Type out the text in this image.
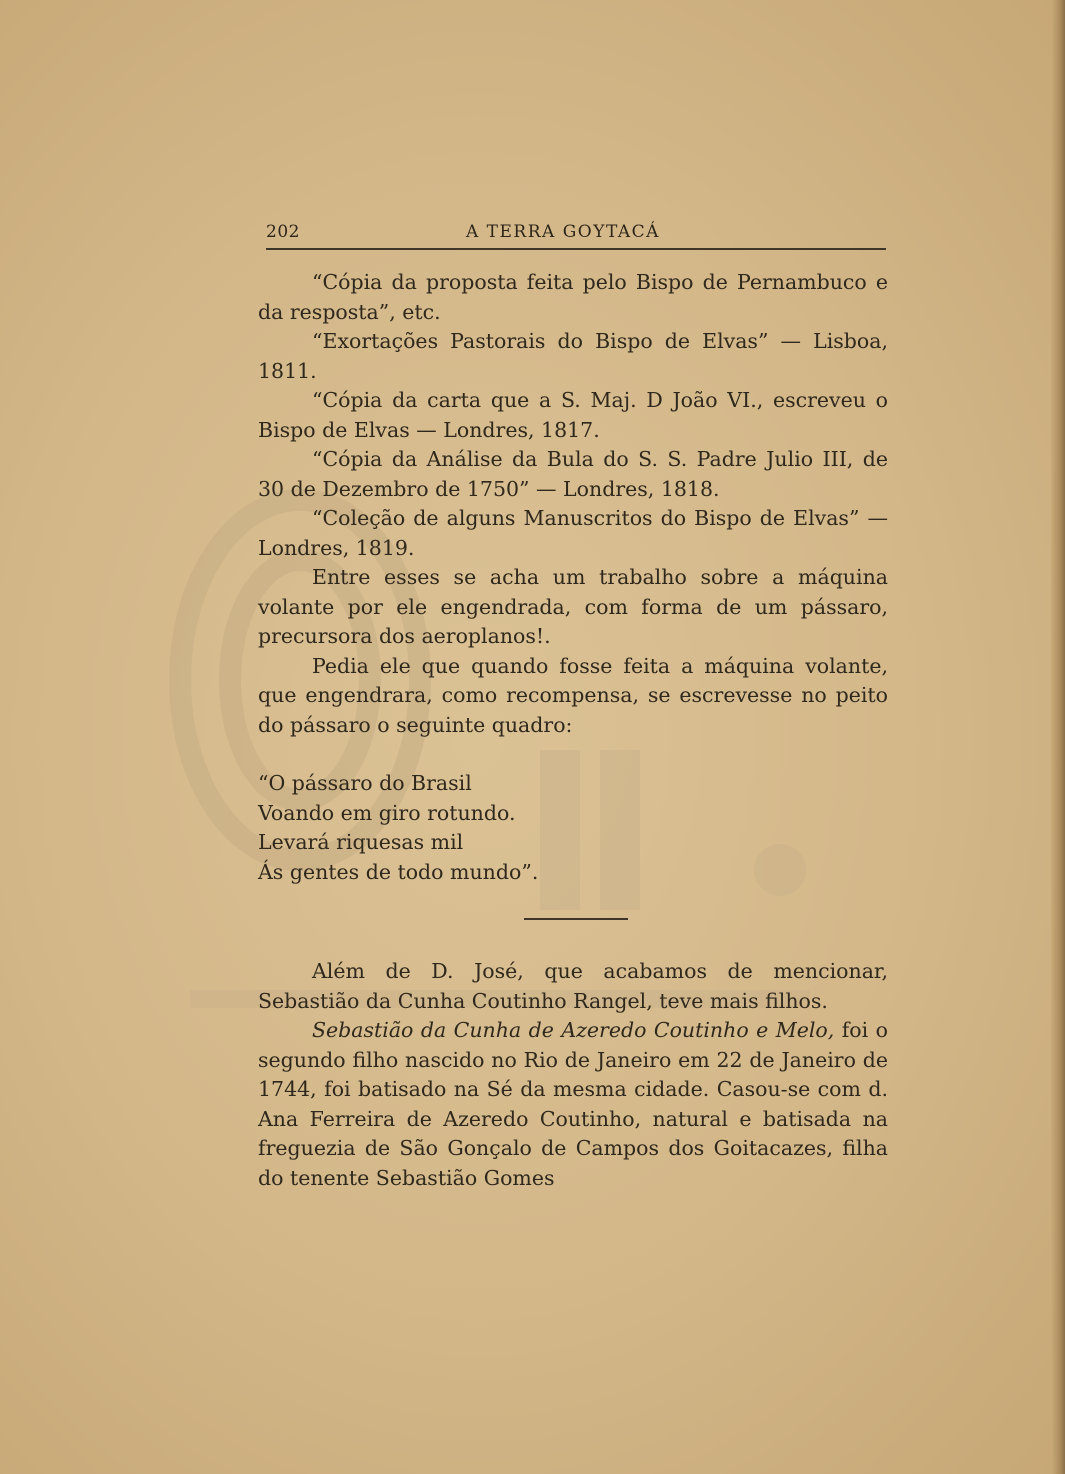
202	A TERRA GOYTACÁ

“Cópia da proposta feita pelo Bispo de Pernambuco e da resposta”, etc.

“Exortações Pastorais do Bispo de Elvas” — Lisboa, 1811.

“Cópia da carta que a S. Maj. D João VI., escreveu o Bispo de Elvas — Londres, 1817.

“Cópia da Análise da Bula do S. S. Padre Julio III, de 30 de Dezembro de 1750” — Londres, 1818.

“Coleção de alguns Manuscritos do Bispo de Elvas” — Londres, 1819.

Entre esses se acha um trabalho sobre a máquina volante por ele engendrada, com forma de um pássaro, precursora dos aeroplanos!.

Pedia ele que quando fosse feita a máquina volante, que engendrara, como recompensa, se escrevesse no peito do pássaro o seguinte quadro:

“O pássaro do Brasil
Voando em giro rotundo.
Levará riquesas mil
Ás gentes de todo mundo”.

Além de D. José, que acabamos de mencionar, Sebastião da Cunha Coutinho Rangel, teve mais filhos.

Sebastião da Cunha de Azeredo Coutinho e Melo, foi o segundo filho nascido no Rio de Janeiro em 22 de Janeiro de 1744, foi batisado na Sé da mesma cidade. Casou-se com d. Ana Ferreira de Azeredo Coutinho, natural e batisada na freguezia de São Gonçalo de Campos dos Goitacazes, filha do tenente Sebastião Gomes
